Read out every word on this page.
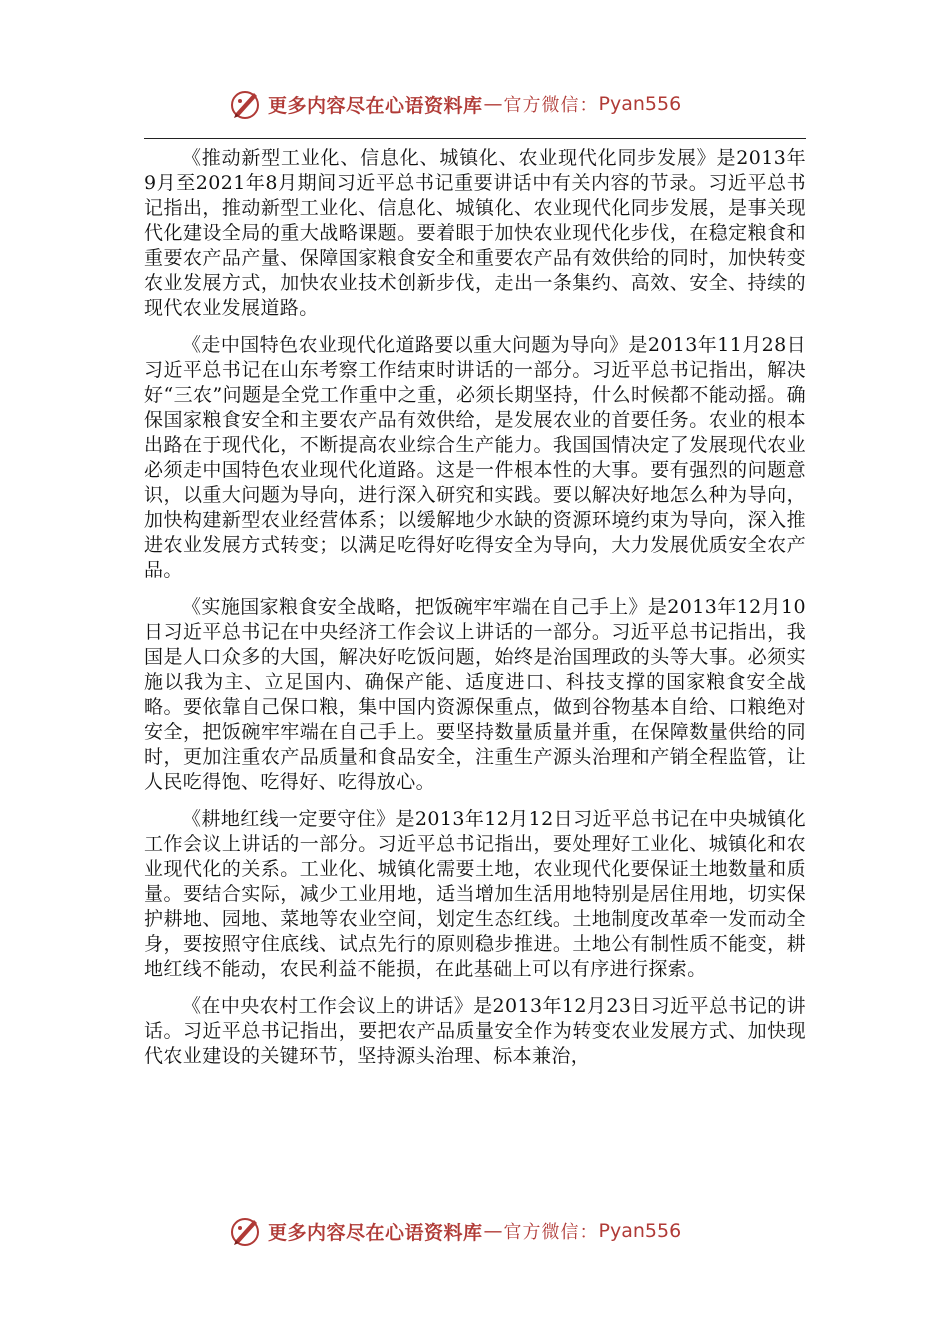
更多内容尽在心语资料库 — 官方微信： Pyan556

《推动新型工业化、信息化、城镇化、农业现代化同步发展》是2013年9月至2021年8月期间习近平总书记重要讲话中有关内容的节录。习近平总书记指出，推动新型工业化、信息化、城镇化、农业现代化同步发展，是事关现代化建设全局的重大战略课题。要着眼于加快农业现代化步伐，在稳定粮食和重要农产品产量、保障国家粮食安全和重要农产品有效供给的同时，加快转变农业发展方式，加快农业技术创新步伐，走出一条集约、高效、安全、持续的现代农业发展道路。

《走中国特色农业现代化道路要以重大问题为导向》是2013年11月28日习近平总书记在山东考察工作结束时讲话的一部分。习近平总书记指出，解决好“三农”问题是全党工作重中之重，必须长期坚持，什么时候都不能动摇。确保国家粮食安全和主要农产品有效供给，是发展农业的首要任务。农业的根本出路在于现代化，不断提高农业综合生产能力。我国国情决定了发展现代农业必须走中国特色农业现代化道路。这是一件根本性的大事。要有强烈的问题意识，以重大问题为导向，进行深入研究和实践。要以解决好地怎么种为导向，加快构建新型农业经营体系；以缓解地少水缺的资源环境约束为导向，深入推进农业发展方式转变；以满足吃得好吃得安全为导向，大力发展优质安全农产品。

《实施国家粮食安全战略，把饭碗牢牢端在自己手上》是2013年12月10日习近平总书记在中央经济工作会议上讲话的一部分。习近平总书记指出，我国是人口众多的大国，解决好吃饭问题，始终是治国理政的头等大事。必须实施以我为主、立足国内、确保产能、适度进口、科技支撑的国家粮食安全战略。要依靠自己保口粮，集中国内资源保重点，做到谷物基本自给、口粮绝对安全，把饭碗牢牢端在自己手上。要坚持数量质量并重，在保障数量供给的同时，更加注重农产品质量和食品安全，注重生产源头治理和产销全程监管，让人民吃得饱、吃得好、吃得放心。

《耕地红线一定要守住》是2013年12月12日习近平总书记在中央城镇化工作会议上讲话的一部分。习近平总书记指出，要处理好工业化、城镇化和农业现代化的关系。工业化、城镇化需要土地，农业现代化要保证土地数量和质量。要结合实际，减少工业用地，适当增加生活用地特别是居住用地，切实保护耕地、园地、菜地等农业空间，划定生态红线。土地制度改革牵一发而动全身，要按照守住底线、试点先行的原则稳步推进。土地公有制性质不能变，耕地红线不能动，农民利益不能损，在此基础上可以有序进行探索。

《在中央农村工作会议上的讲话》是2013年12月23日习近平总书记的讲话。习近平总书记指出，要把农产品质量安全作为转变农业发展方式、加快现代农业建设的关键环节，坚持源头治理、标本兼治，

更多内容尽在心语资料库 — 官方微信： Pyan556
